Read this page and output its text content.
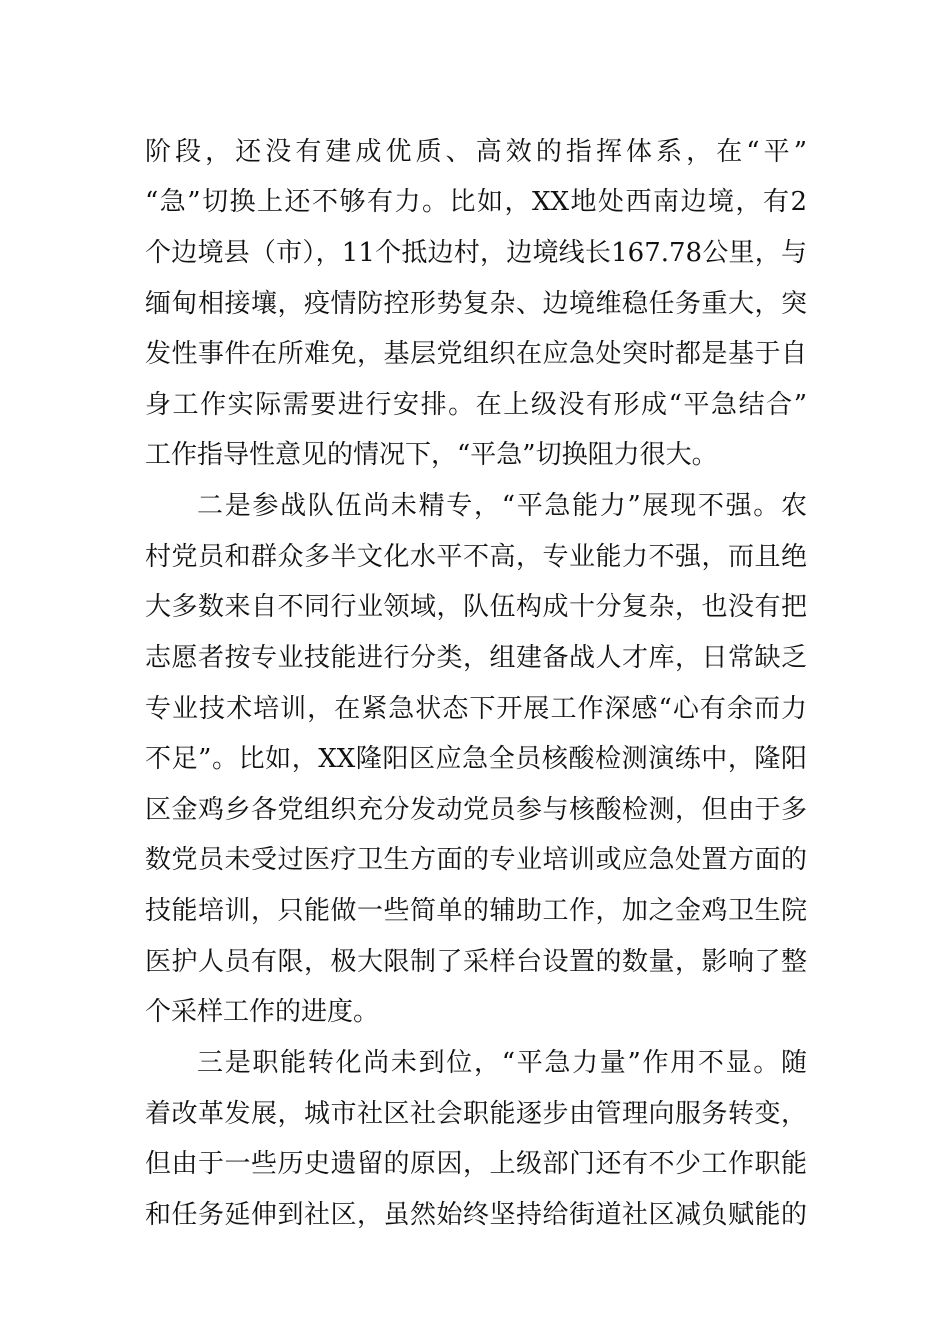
阶段，还没有建成优质、高效的指挥体系，在“平”
“急”切换上还不够有力。比如，XX地处西南边境，有2
个边境县（市），11个抵边村，边境线长167.78公里，与
缅甸相接壤，疫情防控形势复杂、边境维稳任务重大，突
发性事件在所难免，基层党组织在应急处突时都是基于自
身工作实际需要进行安排。在上级没有形成“平急结合”
工作指导性意见的情况下，“平急”切换阻力很大。
二是参战队伍尚未精专，“平急能力”展现不强。农
村党员和群众多半文化水平不高，专业能力不强，而且绝
大多数来自不同行业领域，队伍构成十分复杂，也没有把
志愿者按专业技能进行分类，组建备战人才库，日常缺乏
专业技术培训，在紧急状态下开展工作深感“心有余而力
不足”。比如，XX隆阳区应急全员核酸检测演练中，隆阳
区金鸡乡各党组织充分发动党员参与核酸检测，但由于多
数党员未受过医疗卫生方面的专业培训或应急处置方面的
技能培训，只能做一些简单的辅助工作，加之金鸡卫生院
医护人员有限，极大限制了采样台设置的数量，影响了整
个采样工作的进度。
三是职能转化尚未到位，“平急力量”作用不显。随
着改革发展，城市社区社会职能逐步由管理向服务转变，
但由于一些历史遗留的原因，上级部门还有不少工作职能
和任务延伸到社区，虽然始终坚持给街道社区减负赋能的
